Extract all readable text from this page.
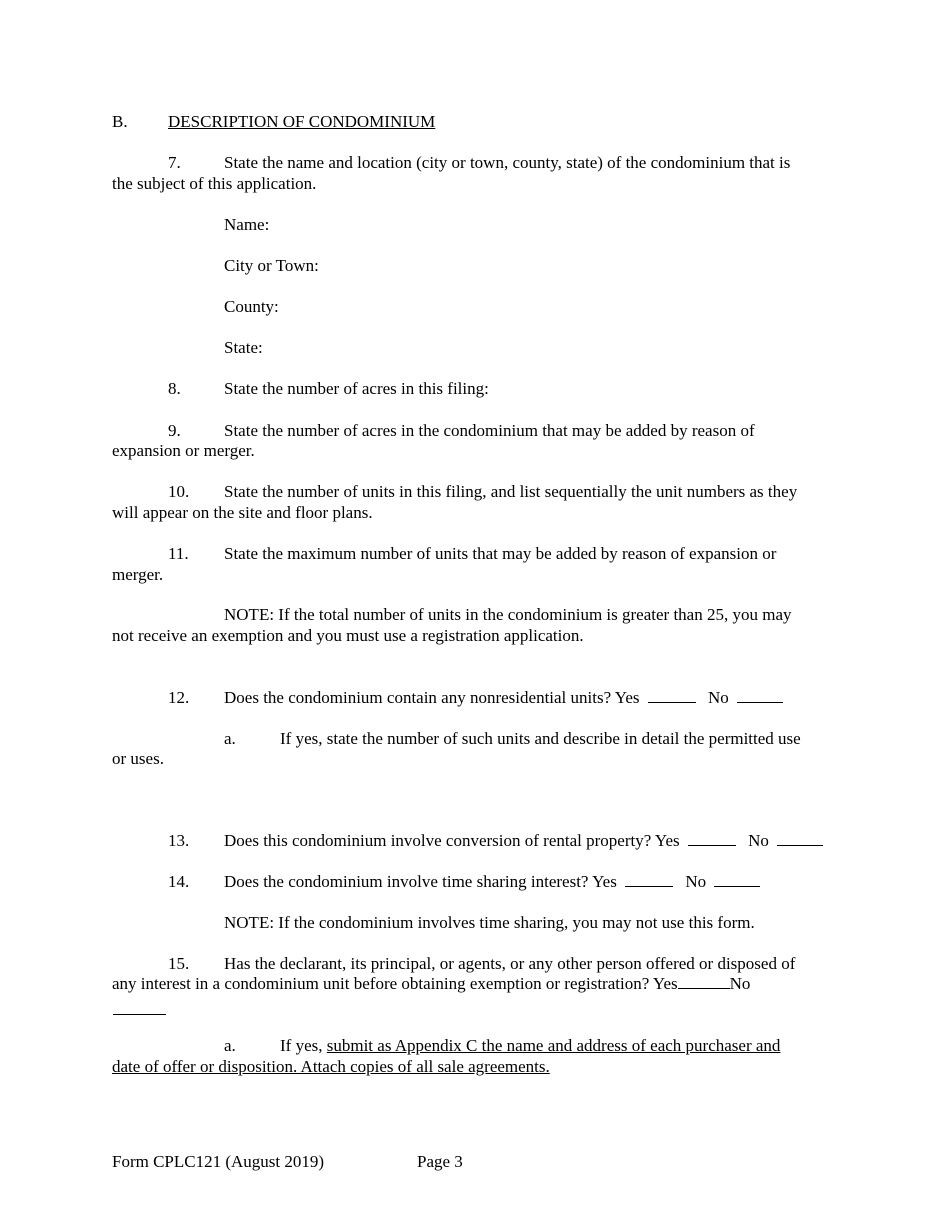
B. DESCRIPTION OF CONDOMINIUM
7.	State the name and location (city or town, county, state) of the condominium that is
the subject of this application.
Name:
City or Town:
County:
State:
8.	State the number of acres in this filing:
9.	State the number of acres in the condominium that may be added by reason of
expansion or merger.
10. State the number of units in this filing, and list sequentially the unit numbers as they
will appear on the site and floor plans.
11. State the maximum number of units that may be added by reason of expansion or
merger.
NOTE: If the total number of units in the condominium is greater than 25, you may
not receive an exemption and you must use a registration application.
12. Does the condominium contain any nonresidential units? Yes	No
a.	If yes, state the number of such units and describe in detail the permitted use
or uses.
13. Does this condominium involve conversion of rental property? Yes	No
14. Does the condominium involve time sharing interest? Yes	No
NOTE: If the condominium involves time sharing, you may not use this form.
15. Has the declarant, its principal, or agents, or any other person offered or disposed of
any interest in a condominium unit before obtaining exemption or registration? Yes	No
a.	If yes, submit as Appendix C the name and address of each purchaser and
date of offer or disposition. Attach copies of all sale agreements.
Form CPLC121 (August 2019)	Page 3
